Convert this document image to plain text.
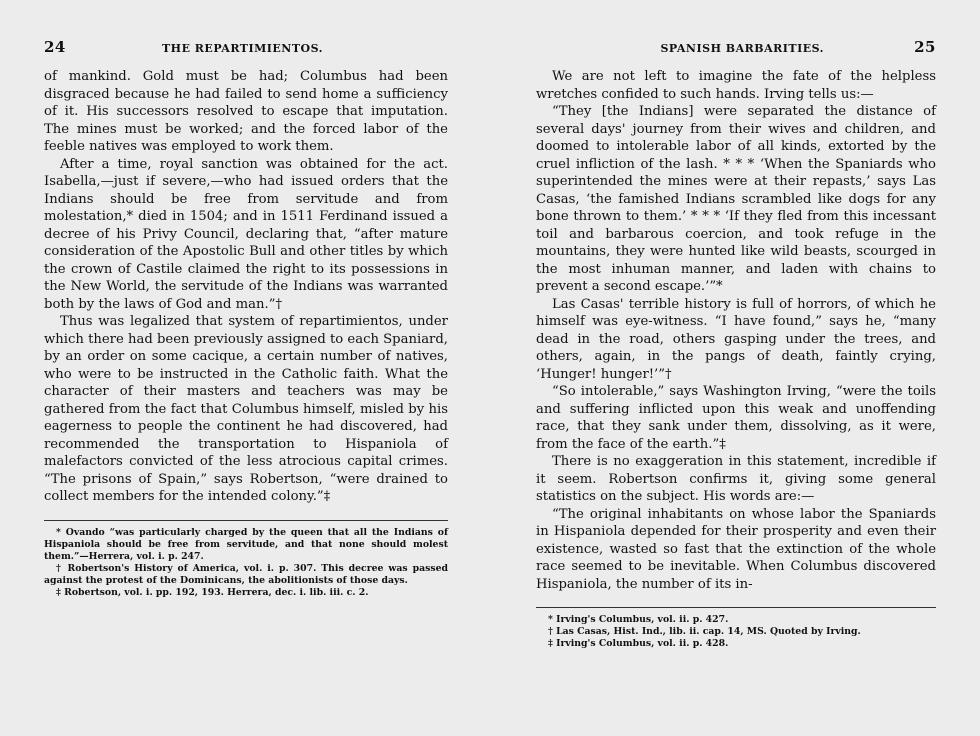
24	THE REPARTIMIENTOS.

of mankind. Gold must be had; Columbus had been disgraced because he had failed to send home a sufficiency of it. His successors resolved to escape that imputation. The mines must be worked; and the forced labor of the feeble natives was employed to work them.

After a time, royal sanction was obtained for the act. Isabella,—just if severe,—who had issued orders that the Indians should be free from servitude and from molestation,* died in 1504; and in 1511 Ferdinand issued a decree of his Privy Council, declaring that, “after mature consideration of the Apostolic Bull and other titles by which the crown of Castile claimed the right to its possessions in the New World, the servitude of the Indians was warranted both by the laws of God and man.”†

Thus was legalized that system of repartimientos, under which there had been previously assigned to each Spaniard, by an order on some cacique, a certain number of natives, who were to be instructed in the Catholic faith. What the character of their masters and teachers was may be gathered from the fact that Columbus himself, misled by his eagerness to people the continent he had discovered, had recommended the transportation to Hispaniola of malefactors convicted of the less atrocious capital crimes. “The prisons of Spain,” says Robertson, “were drained to collect members for the intended colony.”‡

* Ovando “was particularly charged by the queen that all the Indians of Hispaniola should be free from servitude, and that none should molest them.”—Herrera, vol. i. p. 247.

† Robertson's History of America, vol. i. p. 307. This decree was passed against the protest of the Dominicans, the abolitionists of those days.

‡ Robertson, vol. i. pp. 192, 193. Herrera, dec. i. lib. iii. c. 2.

SPANISH BARBARITIES.	25

We are not left to imagine the fate of the helpless wretches confided to such hands. Irving tells us:—

“They [the Indians] were separated the distance of several days' journey from their wives and children, and doomed to intolerable labor of all kinds, extorted by the cruel infliction of the lash. * * * ‘When the Spaniards who superintended the mines were at their repasts,’ says Las Casas, ‘the famished Indians scrambled like dogs for any bone thrown to them.’ * * * ‘If they fled from this incessant toil and barbarous coercion, and took refuge in the mountains, they were hunted like wild beasts, scourged in the most inhuman manner, and laden with chains to prevent a second escape.’”*

Las Casas' terrible history is full of horrors, of which he himself was eye-witness. “I have found,” says he, “many dead in the road, others gasping under the trees, and others, again, in the pangs of death, faintly crying, ‘Hunger! hunger!’”†

“So intolerable,” says Washington Irving, “were the toils and suffering inflicted upon this weak and unoffending race, that they sank under them, dissolving, as it were, from the face of the earth.”‡

There is no exaggeration in this statement, incredible if it seem. Robertson confirms it, giving some general statistics on the subject. His words are:—

“The original inhabitants on whose labor the Spaniards in Hispaniola depended for their prosperity and even their existence, wasted so fast that the extinction of the whole race seemed to be inevitable. When Columbus discovered Hispaniola, the number of its in-

* Irving's Columbus, vol. ii. p. 427.

† Las Casas, Hist. Ind., lib. ii. cap. 14, MS. Quoted by Irving.

‡ Irving's Columbus, vol. ii. p. 428.
